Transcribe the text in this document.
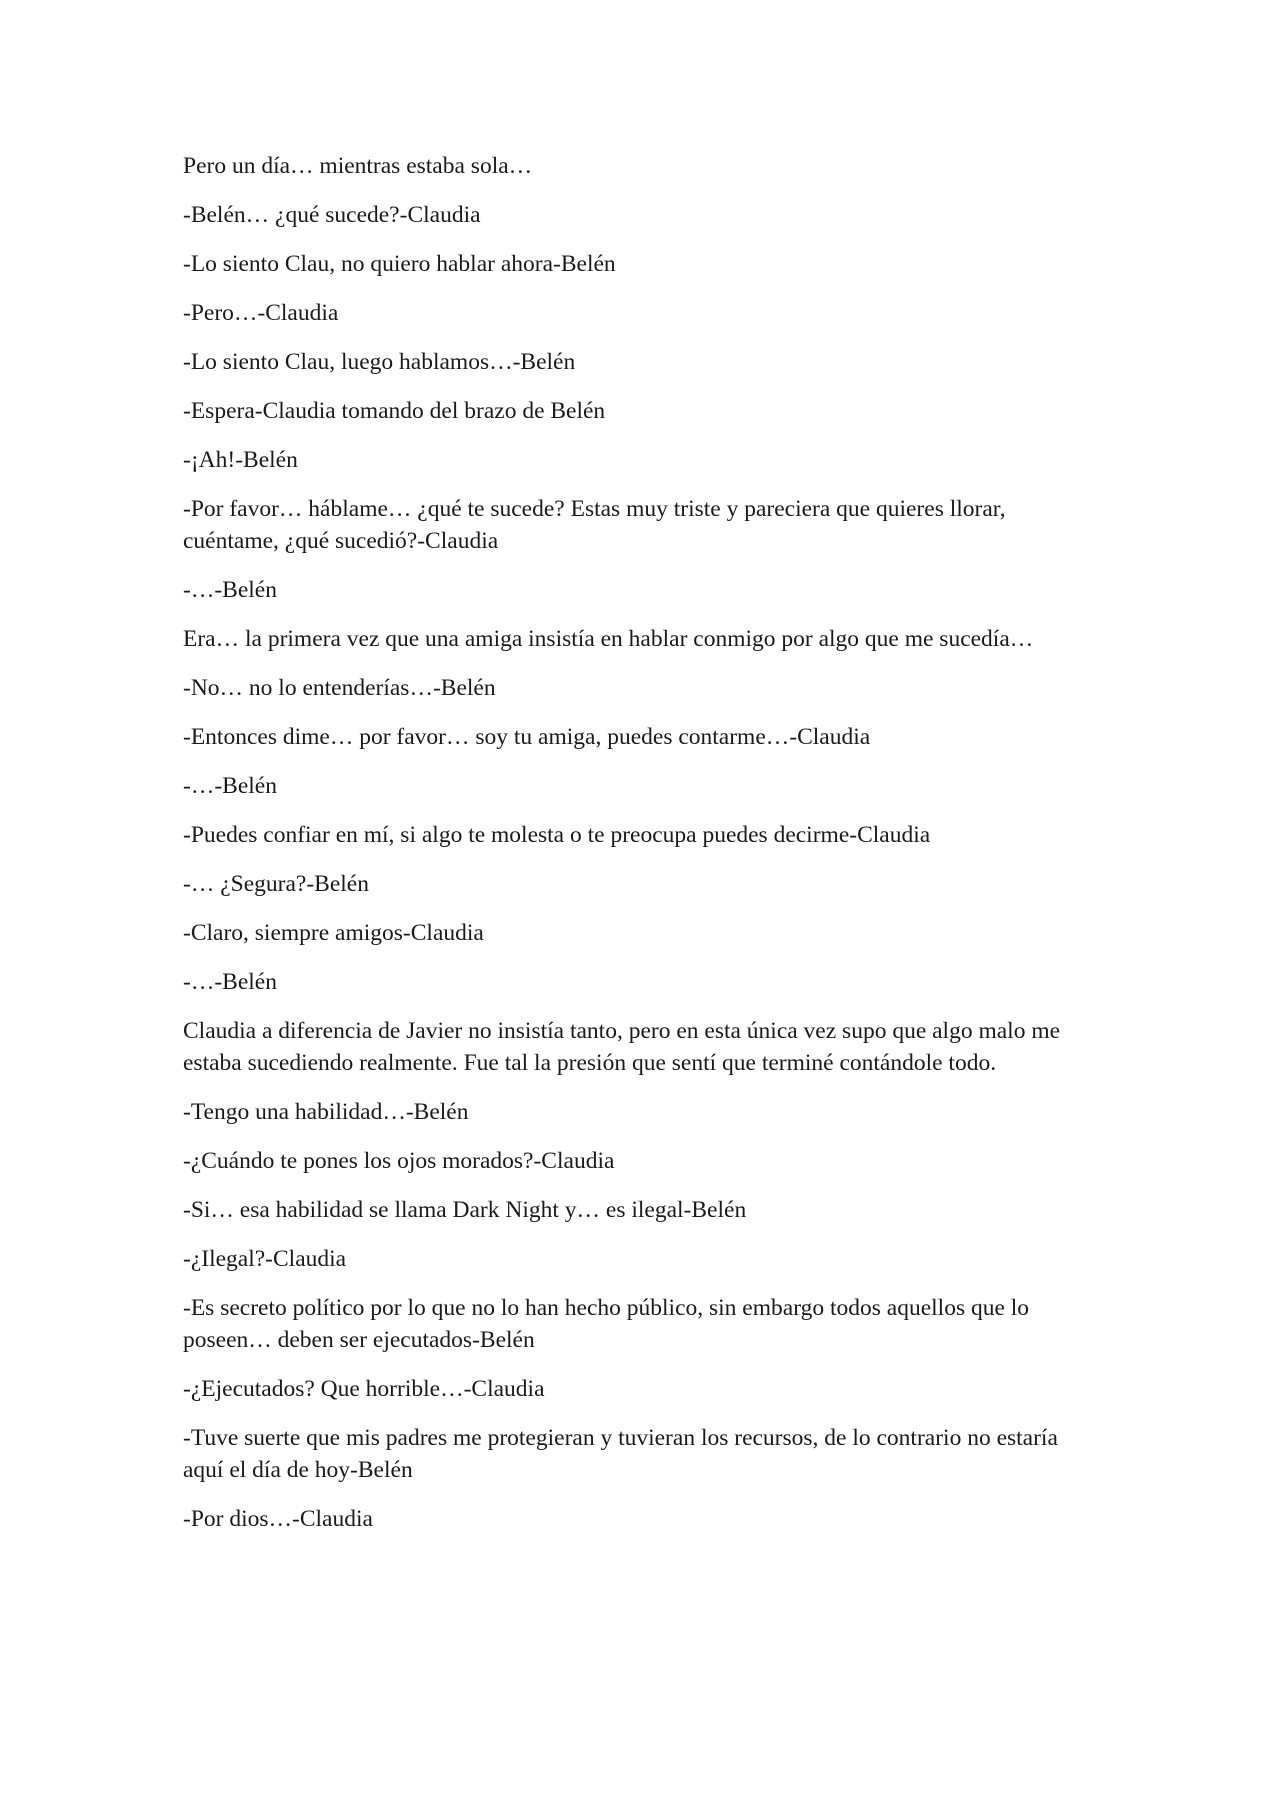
Pero un día… mientras estaba sola…

-Belén… ¿qué sucede?-Claudia

-Lo siento Clau, no quiero hablar ahora-Belén

-Pero…-Claudia

-Lo siento Clau, luego hablamos…-Belén

-Espera-Claudia tomando del brazo de Belén

-¡Ah!-Belén

-Por favor… háblame… ¿qué te sucede? Estas muy triste y pareciera que quieres llorar, cuéntame, ¿qué sucedió?-Claudia

-…-Belén

Era… la primera vez que una amiga insistía en hablar conmigo por algo que me sucedía…

-No… no lo entenderías…-Belén

-Entonces dime… por favor… soy tu amiga, puedes contarme…-Claudia

-…-Belén

-Puedes confiar en mí, si algo te molesta o te preocupa puedes decirme-Claudia

-… ¿Segura?-Belén

-Claro, siempre amigos-Claudia

-…-Belén

Claudia a diferencia de Javier no insistía tanto, pero en esta única vez supo que algo malo me estaba sucediendo realmente. Fue tal la presión que sentí que terminé contándole todo.

-Tengo una habilidad…-Belén

-¿Cuándo te pones los ojos morados?-Claudia

-Si… esa habilidad se llama Dark Night y… es ilegal-Belén

-¿Ilegal?-Claudia

-Es secreto político por lo que no lo han hecho público, sin embargo todos aquellos que lo poseen… deben ser ejecutados-Belén

-¿Ejecutados? Que horrible…-Claudia

-Tuve suerte que mis padres me protegieran y tuvieran los recursos, de lo contrario no estaría aquí el día de hoy-Belén

-Por dios…-Claudia
